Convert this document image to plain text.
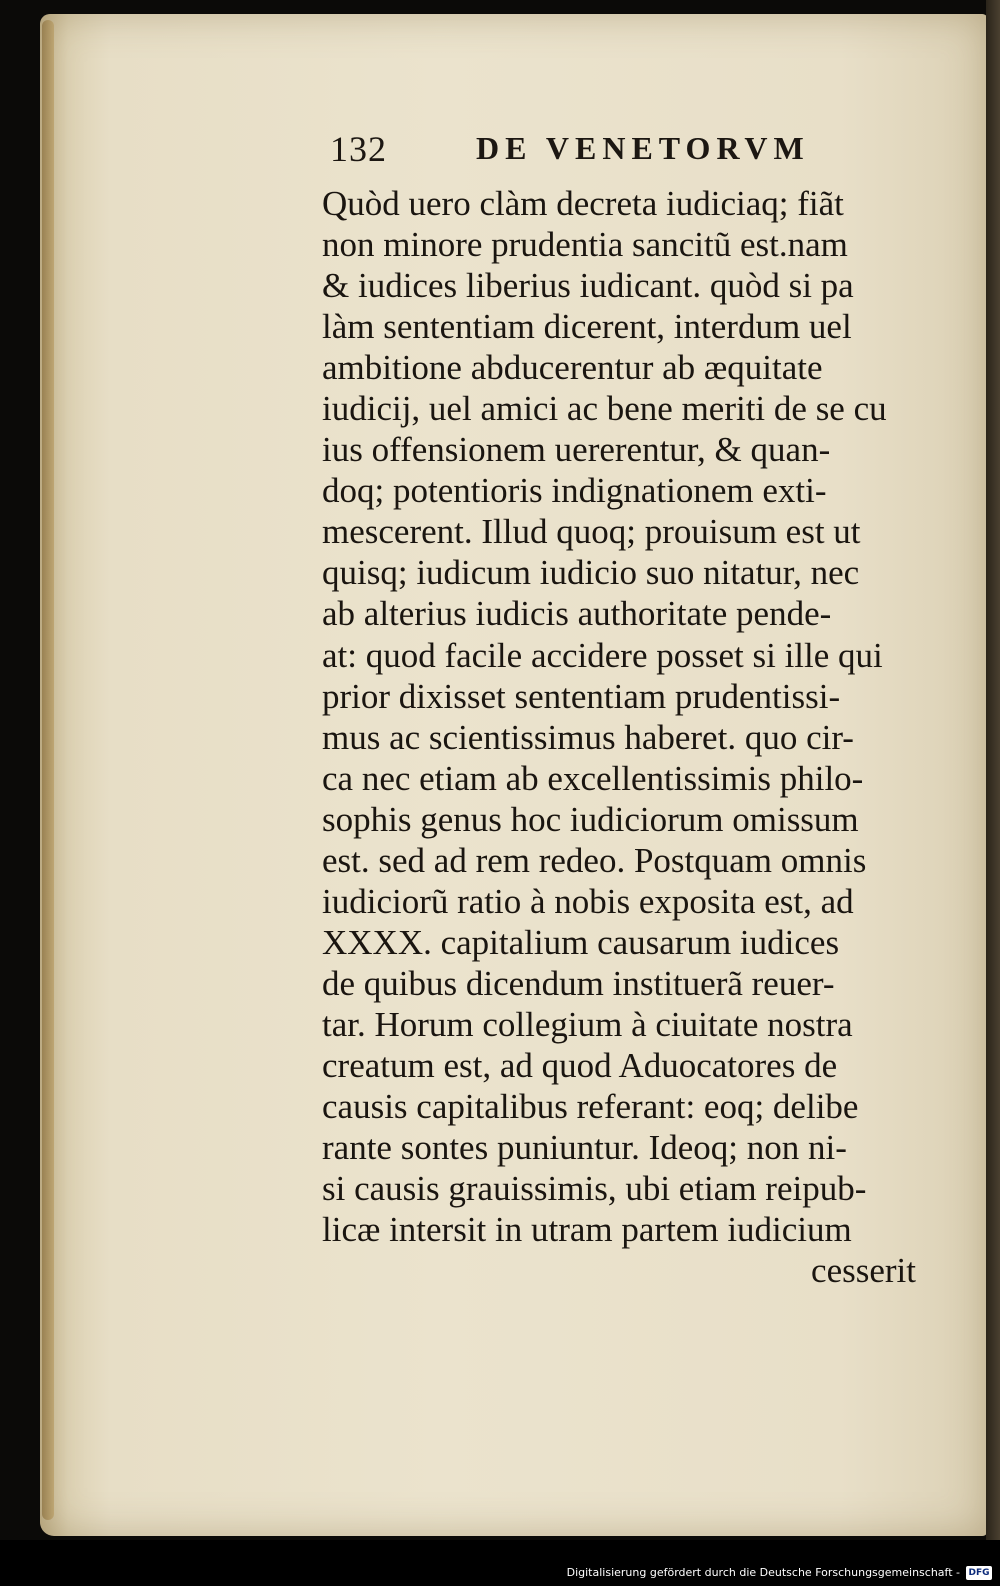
132	DE VENETORVM
Quòd uero clàm decreta iudiciaq; fiãt
non minore prudentia sancitũ est.nam
& iudices liberius iudicant. quòd si pa
làm sententiam dicerent, interdum uel
ambitione abducerentur ab æquitate
iudicij, uel amici ac bene meriti de se cu
ius offensionem uererentur, & quan-
doq; potentioris indignationem exti-
mescerent. Illud quoq; prouisum est ut
quisq; iudicum iudicio suo nitatur, nec
ab alterius iudicis authoritate pende-
at: quod facile accidere posset si ille qui
prior dixisset sententiam prudentissi-
mus ac scientissimus haberet. quo cir-
ca nec etiam ab excellentissimis philo-
sophis genus hoc iudiciorum omissum
est. sed ad rem redeo. Postquam omnis
iudiciorũ ratio à nobis exposita est, ad
XXXX. capitalium causarum iudices
de quibus dicendum instituerã reuer-
tar. Horum collegium à ciuitate nostra
creatum est, ad quod Aduocatores de
causis capitalibus referant: eoq; delibe
rante sontes puniuntur. Ideoq; non ni-
si causis grauissimis, ubi etiam reipub-
licæ intersit in utram partem iudicium
cesserit
Digitalisierung gefördert durch die Deutsche Forschungsgemeinschaft - DFG
